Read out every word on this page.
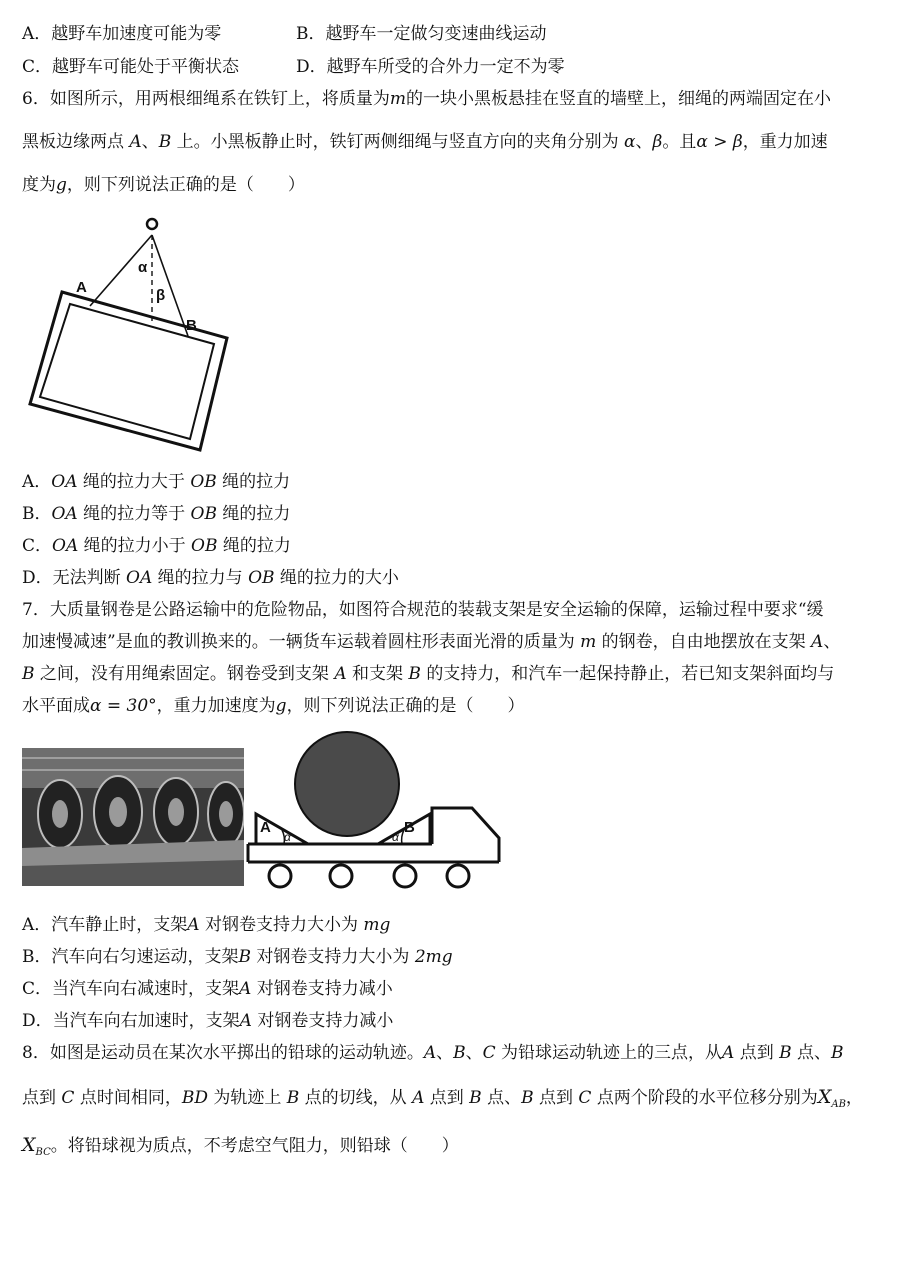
A．越野车加速度可能为零	B．越野车一定做匀变速曲线运动
C．越野车可能处于平衡状态	D．越野车所受的合外力一定不为零
6．如图所示，用两根细绳系在铁钉上，将质量为m的一块小黑板悬挂在竖直的墙壁上，细绳的两端固定在小
黑板边缘两点 A、B 上。小黑板静止时，铁钉两侧细绳与竖直方向的夹角分别为 α、β。且α > β，重力加速
度为g，则下列说法正确的是（　　）
A
B
α
β
A．OA 绳的拉力大于 OB 绳的拉力
B．OA 绳的拉力等于 OB 绳的拉力
C．OA 绳的拉力小于 OB 绳的拉力
D．无法判断 OA 绳的拉力与 OB 绳的拉力的大小
7．大质量钢卷是公路运输中的危险物品，如图符合规范的装载支架是安全运输的保障，运输过程中要求“缓
加速慢减速”是血的教训换来的。一辆货车运载着圆柱形表面光滑的质量为 m 的钢卷，自由地摆放在支架 A、
B 之间，没有用绳索固定。钢卷受到支架 A 和支架 B 的支持力，和汽车一起保持静止，若已知支架斜面均与
水平面成α = 30°，重力加速度为g，则下列说法正确的是（　　）
A	B
α	α
A．汽车静止时，支架A 对钢卷支持力大小为 mg
B．汽车向右匀速运动，支架B 对钢卷支持力大小为 2mg
C．当汽车向右减速时，支架A 对钢卷支持力减小
D．当汽车向右加速时，支架A 对钢卷支持力减小
8．如图是运动员在某次水平掷出的铅球的运动轨迹。A、B、C 为铅球运动轨迹上的三点，从A 点到 B 点、B
点到 C 点时间相同，BD 为轨迹上 B 点的切线，从 A 点到 B 点、B 点到 C 点两个阶段的水平位移分别为$X_{AB}$，
$X_{BC}$。将铅球视为质点，不考虑空气阻力，则铅球（　　）
